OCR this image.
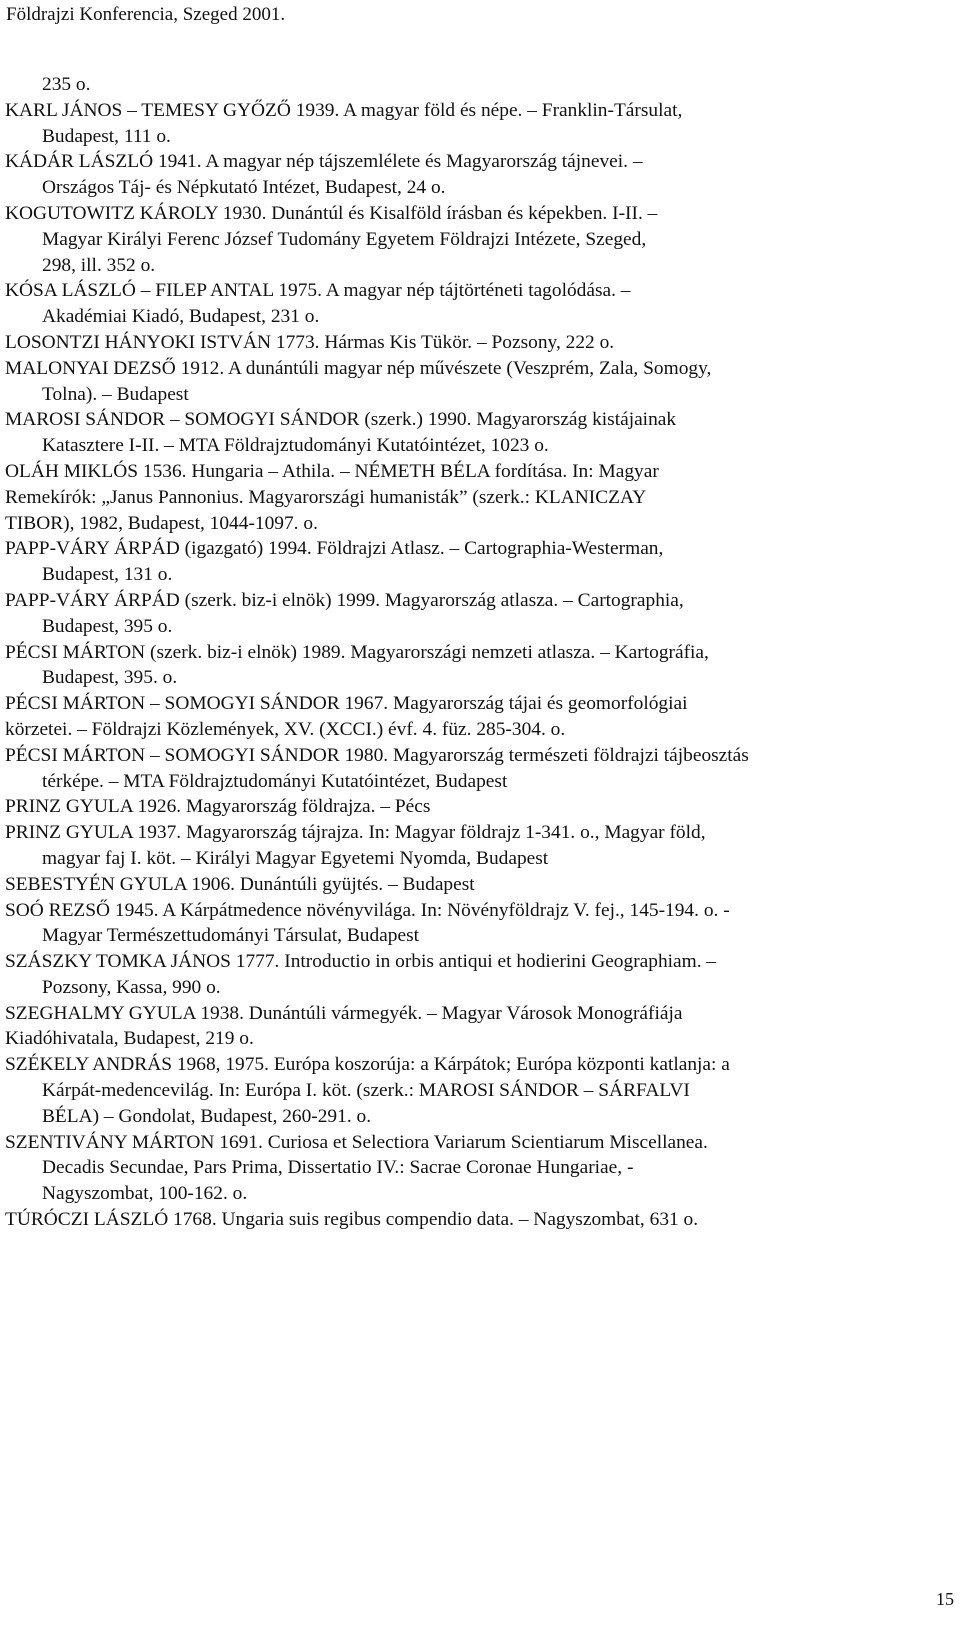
Földrajzi Konferencia, Szeged 2001.
235 o.
KARL JÁNOS – TEMESY GYŐZŐ 1939. A magyar föld és népe. – Franklin-Társulat,
Budapest, 111 o.
KÁDÁR LÁSZLÓ 1941. A magyar nép tájszemlélete és Magyarország tájnevei. –
Országos Táj- és Népkutató Intézet, Budapest, 24 o.
KOGUTOWITZ KÁROLY 1930. Dunántúl és Kisalföld írásban és képekben. I-II. –
Magyar Királyi Ferenc József Tudomány Egyetem Földrajzi Intézete, Szeged,
298, ill. 352 o.
KÓSA LÁSZLÓ – FILEP ANTAL 1975. A magyar nép tájtörténeti tagolódása. –
Akadémiai Kiadó, Budapest, 231 o.
LOSONTZI HÁNYOKI ISTVÁN 1773. Hármas Kis Tükör. – Pozsony, 222 o.
MALONYAI DEZSŐ 1912. A dunántúli magyar nép művészete (Veszprém, Zala, Somogy,
Tolna). – Budapest
MAROSI SÁNDOR – SOMOGYI SÁNDOR (szerk.) 1990. Magyarország kistájainak
Katasztere I-II. – MTA Földrajztudományi Kutatóintézet, 1023 o.
OLÁH MIKLÓS 1536. Hungaria – Athila. – NÉMETH BÉLA fordítása. In: Magyar
Remekírók: „Janus Pannonius. Magyarországi humanisták” (szerk.: KLANICZAY
TIBOR), 1982, Budapest, 1044-1097. o.
PAPP-VÁRY ÁRPÁD (igazgató) 1994. Földrajzi Atlasz. – Cartographia-Westerman,
Budapest, 131 o.
PAPP-VÁRY ÁRPÁD (szerk. biz-i elnök) 1999. Magyarország atlasza. – Cartographia,
Budapest, 395 o.
PÉCSI MÁRTON (szerk. biz-i elnök) 1989. Magyarországi nemzeti atlasza. – Kartográfia,
Budapest, 395. o.
PÉCSI MÁRTON – SOMOGYI SÁNDOR 1967. Magyarország tájai és geomorfológiai
körzetei. – Földrajzi Közlemények, XV. (XCCI.) évf. 4. füz. 285-304. o.
PÉCSI MÁRTON – SOMOGYI SÁNDOR 1980. Magyarország természeti földrajzi tájbeosztás
térképe. – MTA Földrajztudományi Kutatóintézet, Budapest
PRINZ GYULA 1926. Magyarország földrajza. – Pécs
PRINZ GYULA 1937. Magyarország tájrajza. In: Magyar földrajz 1-341. o., Magyar föld,
magyar faj I. köt. – Királyi Magyar Egyetemi Nyomda, Budapest
SEBESTYÉN GYULA 1906. Dunántúli gyüjtés. – Budapest
SOÓ REZSŐ 1945. A Kárpátmedence növényvilága. In: Növényföldrajz V. fej., 145-194. o. -
Magyar Természettudományi Társulat, Budapest
SZÁSZKY TOMKA JÁNOS 1777. Introductio in orbis antiqui et hodierini Geographiam. –
Pozsony, Kassa, 990 o.
SZEGHALMY GYULA 1938. Dunántúli vármegyék. – Magyar Városok Monográfiája
Kiadóhivatala, Budapest, 219 o.
SZÉKELY ANDRÁS 1968, 1975. Európa koszorúja: a Kárpátok; Európa központi katlanja: a
Kárpát-medencevilág. In: Európa I. köt. (szerk.: MAROSI SÁNDOR – SÁRFALVI
BÉLA) – Gondolat, Budapest, 260-291. o.
SZENTIVÁNY MÁRTON 1691. Curiosa et Selectiora Variarum Scientiarum Miscellanea.
Decadis Secundae, Pars Prima, Dissertatio IV.: Sacrae Coronae Hungariae, -
Nagyszombat, 100-162. o.
TÚRÓCZI LÁSZLÓ 1768. Ungaria suis regibus compendio data. – Nagyszombat, 631 o.
15
